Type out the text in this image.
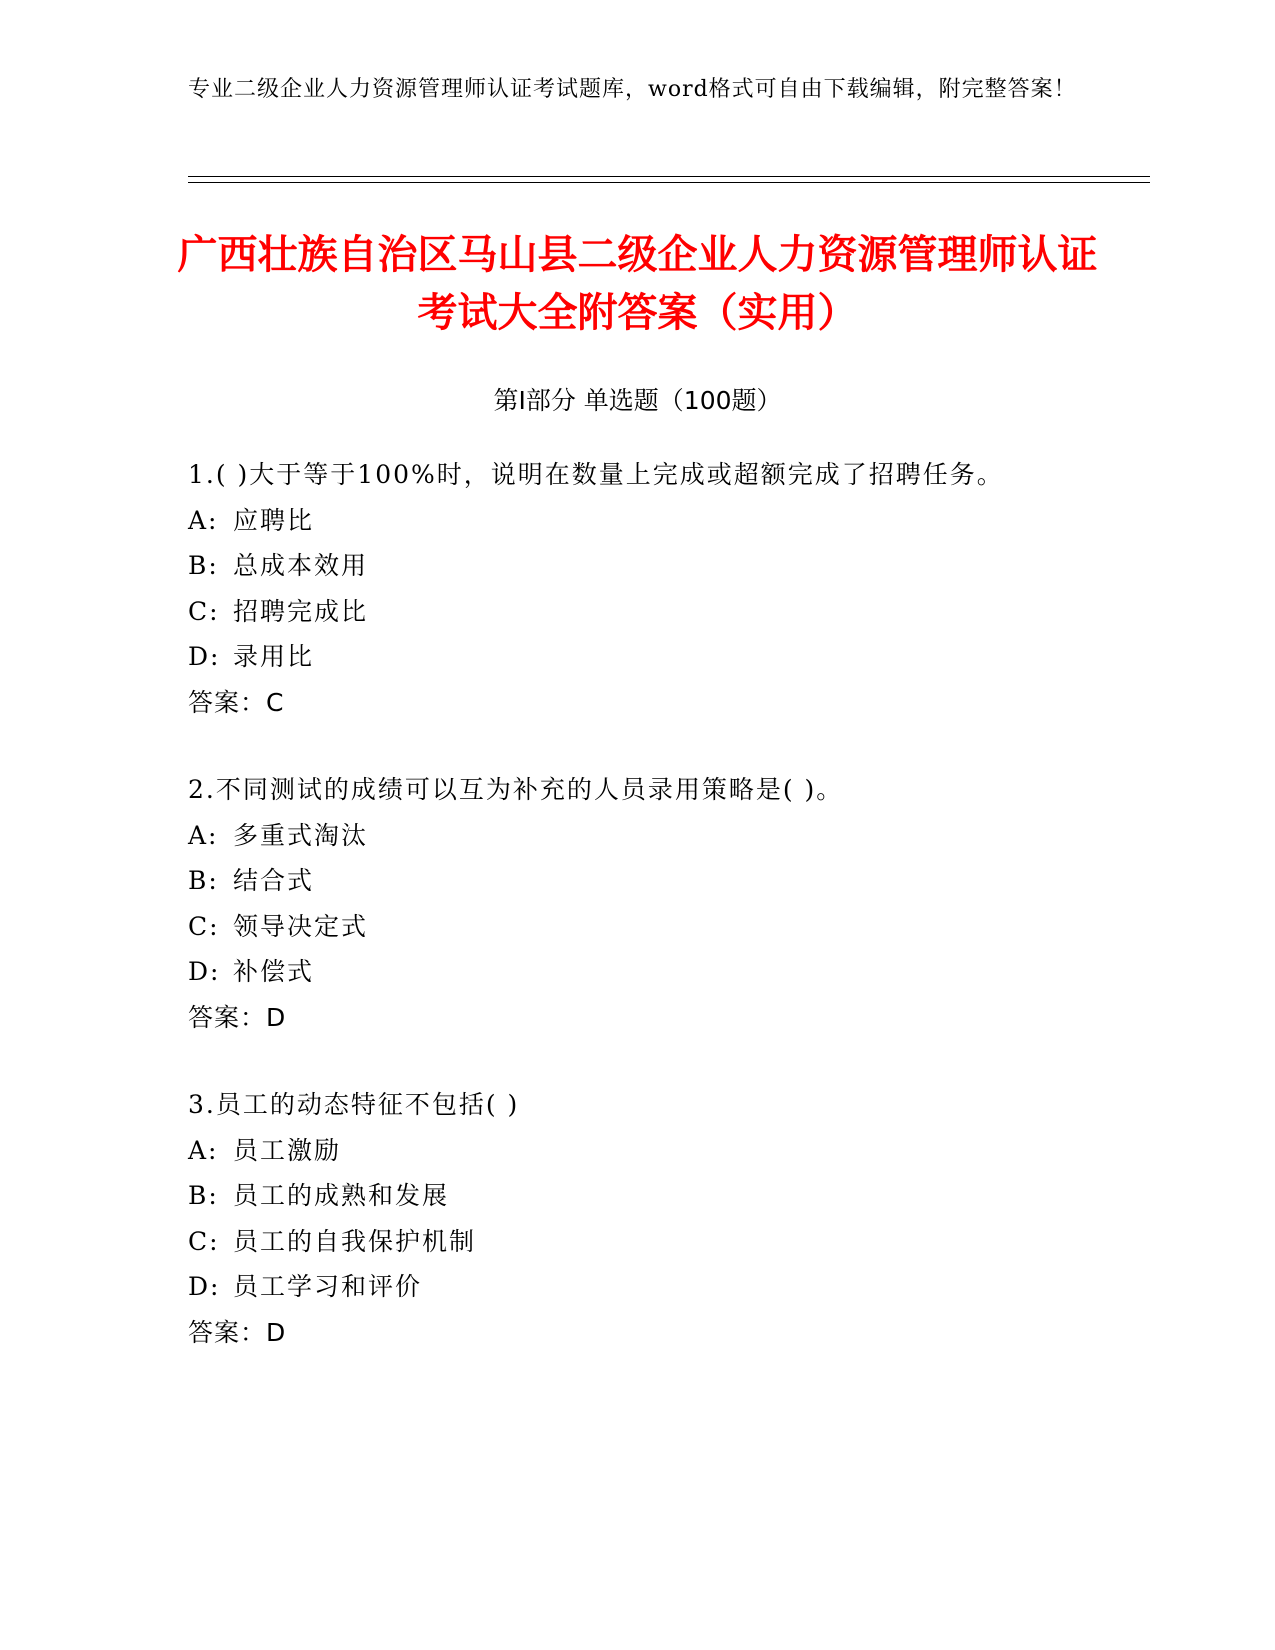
专业二级企业人力资源管理师认证考试题库，word格式可自由下载编辑，附完整答案！
广西壮族自治区马山县二级企业人力资源管理师认证考试大全附答案（实用）
第Ⅰ部分 单选题（100题）
1.( )大于等于100%时，说明在数量上完成或超额完成了招聘任务。
A: 应聘比
B: 总成本效用
C: 招聘完成比
D: 录用比
答案：C
2.不同测试的成绩可以互为补充的人员录用策略是( )。
A: 多重式淘汰
B: 结合式
C: 领导决定式
D: 补偿式
答案：D
3.员工的动态特征不包括( )
A: 员工激励
B: 员工的成熟和发展
C: 员工的自我保护机制
D: 员工学习和评价
答案：D
